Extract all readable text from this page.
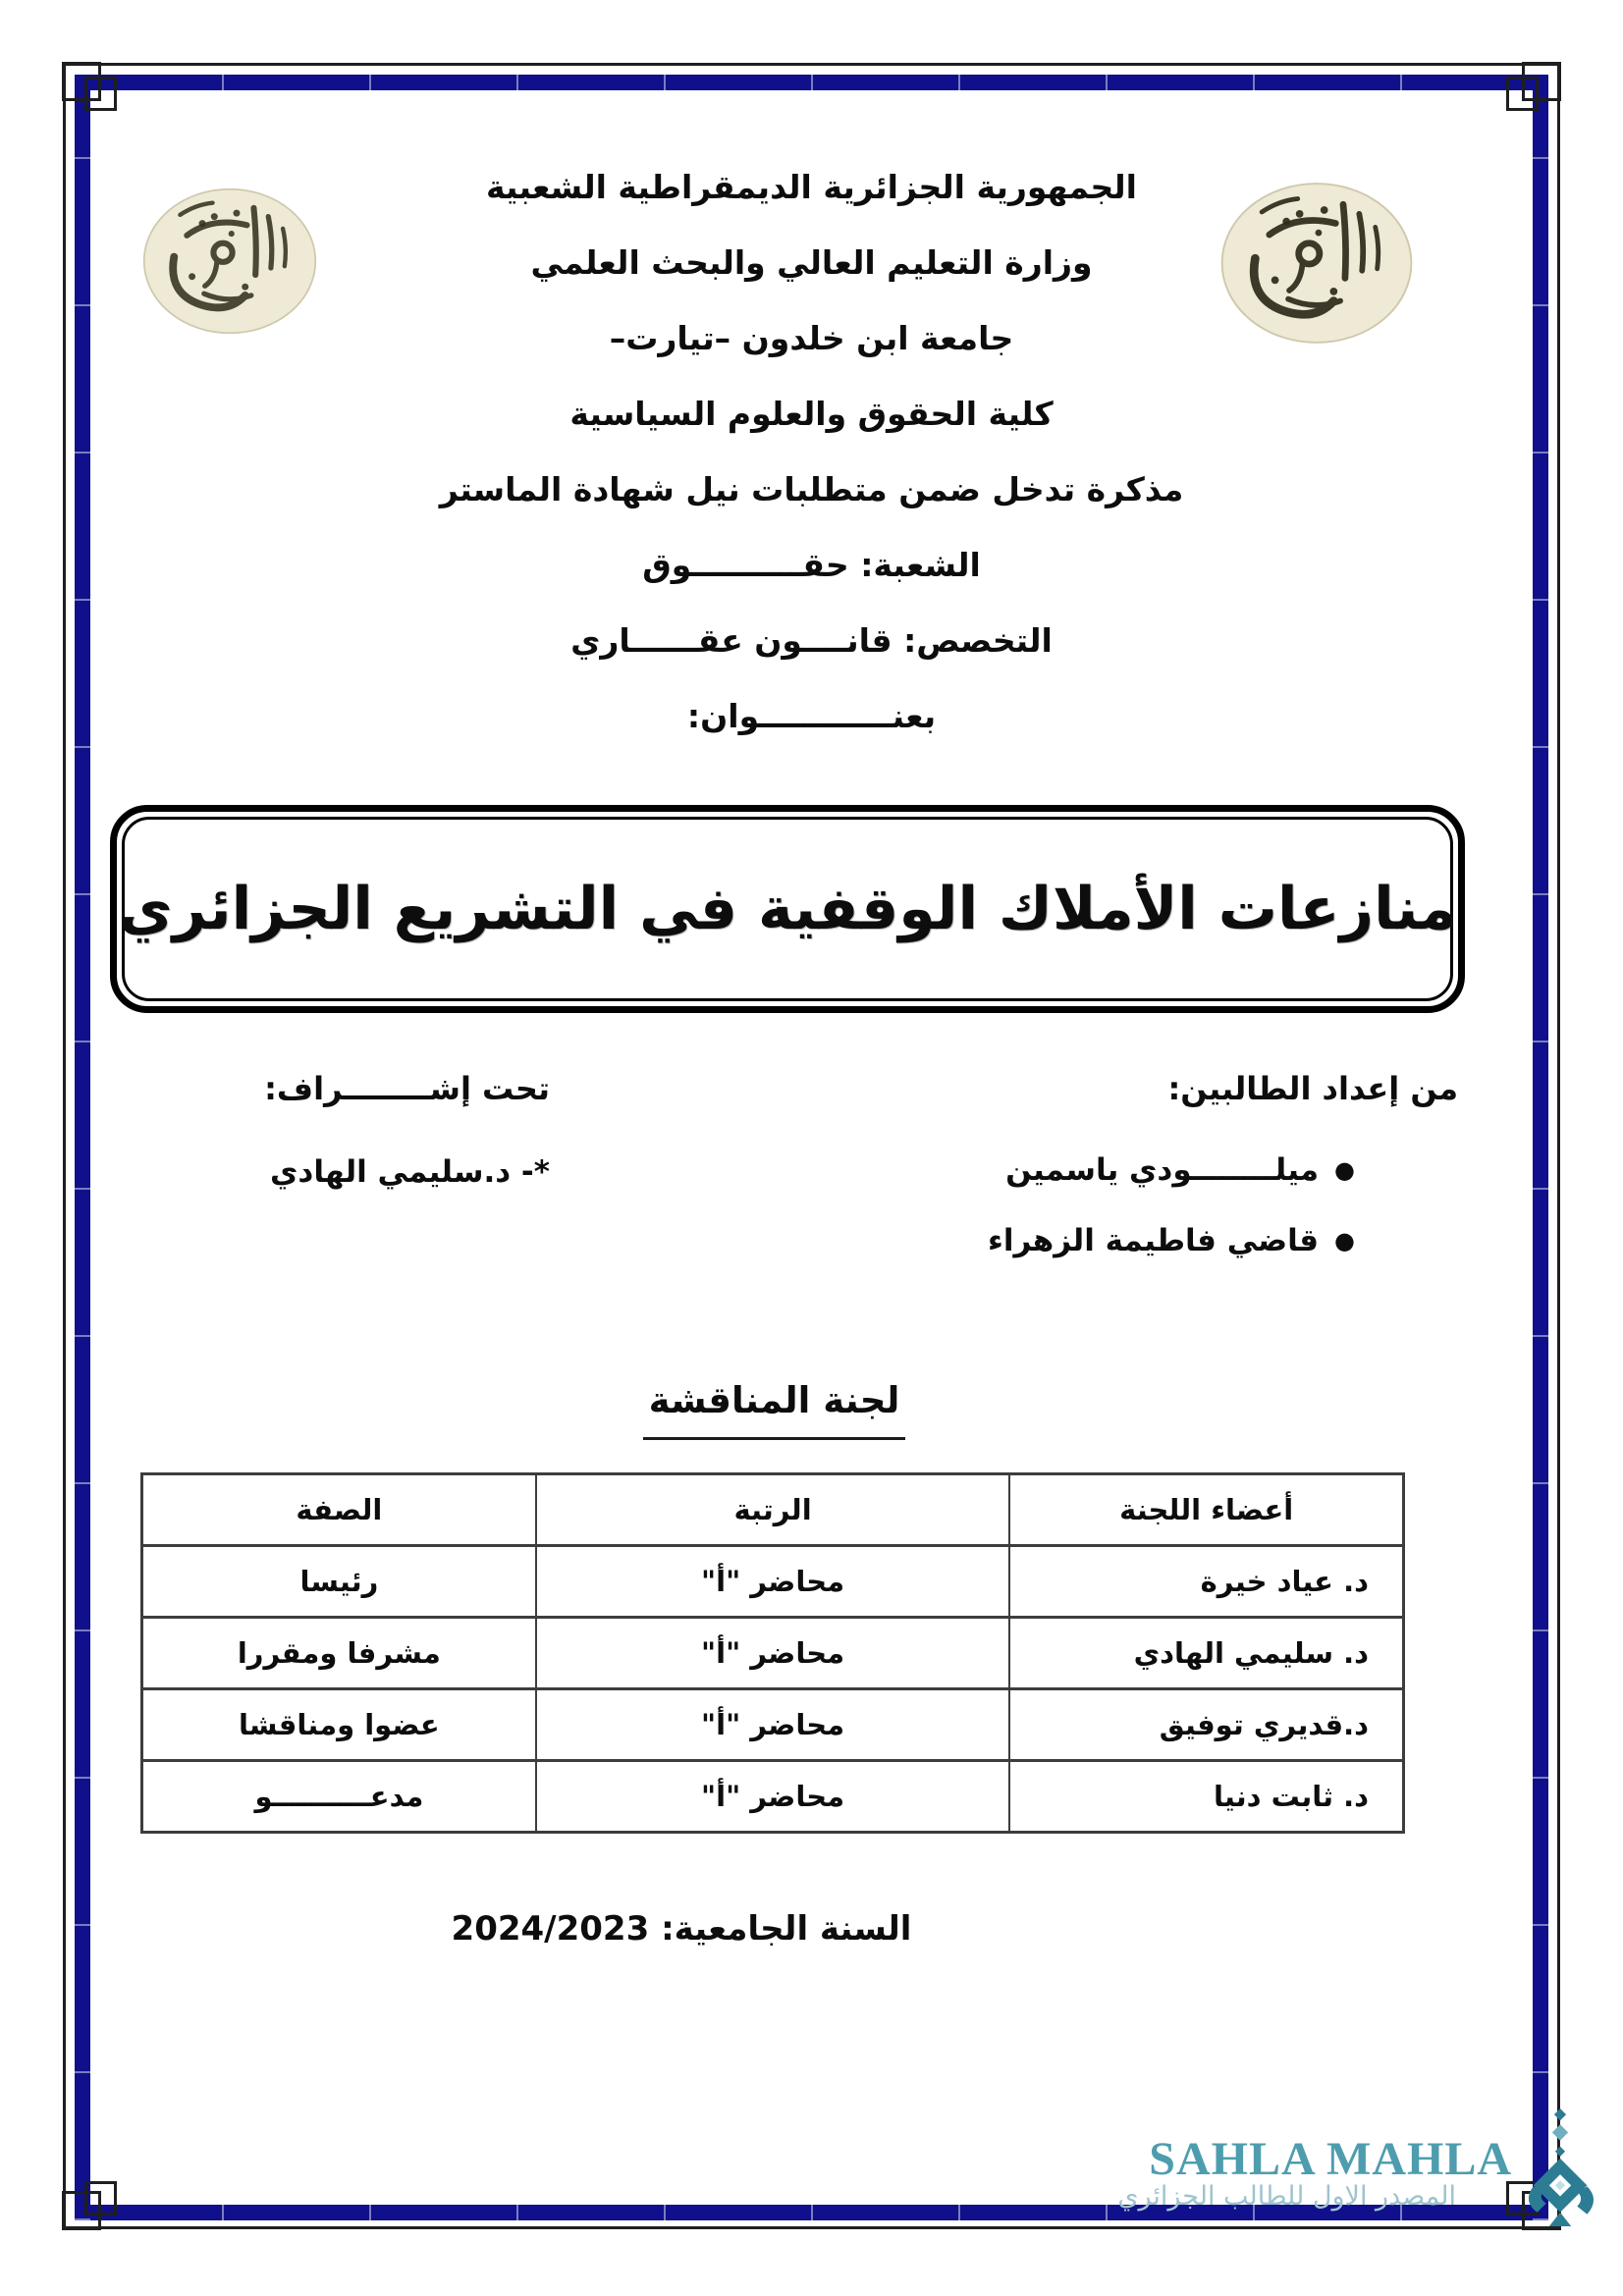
الجمهورية الجزائرية الديمقراطية الشعبية
وزارة التعليم العالي والبحث العلمي
جامعة ابن خلدون –تيارت–
كلية الحقوق والعلوم السياسية
مذكرة تدخل ضمن متطلبات نيل شهادة الماستر
الشعبة: حقــــــــــوق
التخصص: قانــــون عقــــــاري
بعنــــــــــــوان:
منازعات الأملاك الوقفية في التشريع الجزائري
من إعداد الطالبين:
●ميلــــــــودي ياسمين
●قاضي فاطيمة الزهراء
تحت إشــــــــراف:
*- د.سليمي الهادي
لجنة المناقشة
أعضاء اللجنة	الرتبة	الصفة
د. عياد خيرة	محاضر "أ"	رئيسا
د. سليمي الهادي	محاضر "أ"	مشرفا ومقررا
د.قديري توفيق	محاضر "أ"	عضوا ومناقشا
د. ثابت دنيا	محاضر "أ"	مدعــــــــــو
السنة الجامعية: 2024/2023
SAHLA MAHLA
المصدر الاول للطالب الجزائري
